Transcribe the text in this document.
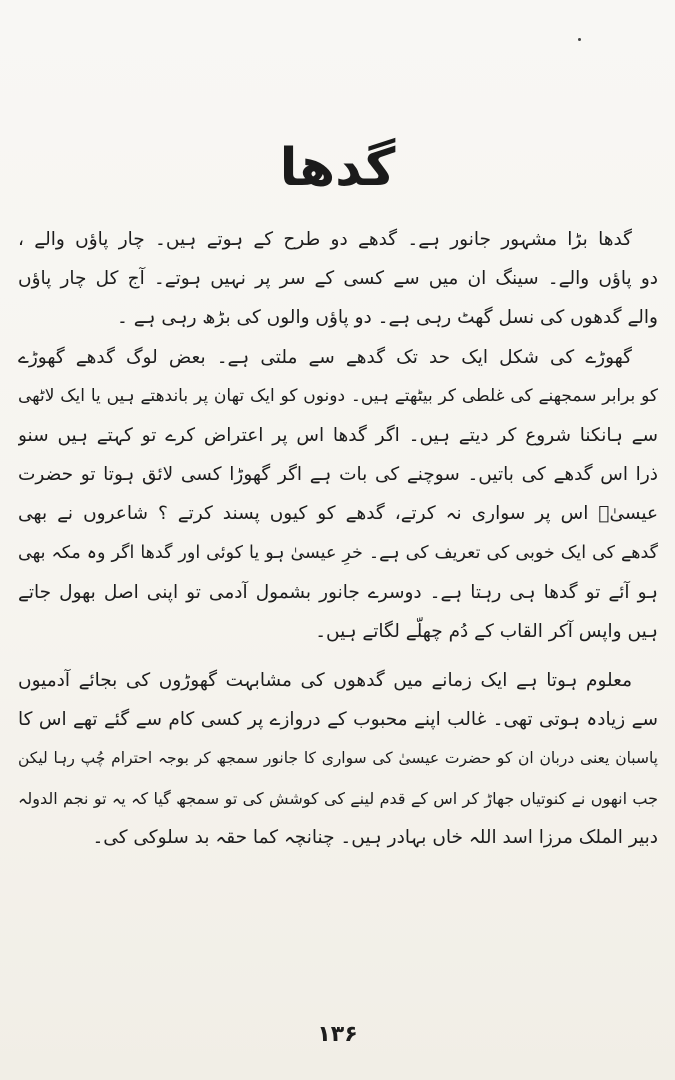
گدھا
گدھا بڑا مشہور جانور ہے۔ گدھے دو طرح کے ہوتے ہیں۔ چار پاؤں والے ،
دو پاؤں والے۔ سینگ ان میں سے کسی کے سر پر نہیں ہوتے۔ آج کل چار پاؤں
والے گدھوں کی نسل گھٹ رہی ہے۔ دو پاؤں والوں کی بڑھ رہی ہے ۔
گھوڑے کی شکل ایک حد تک گدھے سے ملتی ہے۔ بعض لوگ گدھے گھوڑے
کو برابر سمجھنے کی غلطی کر بیٹھتے ہیں۔ دونوں کو ایک تھان پر باندھتے ہیں یا ایک لاٹھی
سے ہانکنا شروع کر دیتے ہیں۔ اگر گدھا اس پر اعتراض کرے تو کہتے ہیں سنو
ذرا اس گدھے کی باتیں۔ سوچنے کی بات ہے اگر گھوڑا کسی لائق ہوتا تو حضرت
عیسیٰؑ اس پر سواری نہ کرتے، گدھے کو کیوں پسند کرتے ؟ شاعروں نے بھی
گدھے کی ایک خوبی کی تعریف کی ہے۔ خرِ عیسیٰ ہو یا کوئی اور گدھا اگر وہ مکہ بھی
ہو آئے تو گدھا ہی رہتا ہے۔ دوسرے جانور بشمول آدمی تو اپنی اصل بھول جاتے
ہیں واپس آکر القاب کے دُم چھلّے لگاتے ہیں۔
معلوم ہوتا ہے ایک زمانے میں گدھوں کی مشابہت گھوڑوں کی بجائے آدمیوں
سے زیادہ ہوتی تھی۔ غالب اپنے محبوب کے دروازے پر کسی کام سے گئے تھے اس کا
پاسبان یعنی دربان ان کو حضرت عیسیٰ کی سواری کا جانور سمجھ کر بوجہ احترام چُپ رہا لیکن
جب انھوں نے کنوتیاں جھاڑ کر اس کے قدم لینے کی کوشش کی تو سمجھ گیا کہ یہ تو نجم الدولہ
دبیر الملک مرزا اسد اللہ خاں بہادر ہیں۔ چنانچہ کما حقہ بد سلوکی کی۔
۱۳۶
